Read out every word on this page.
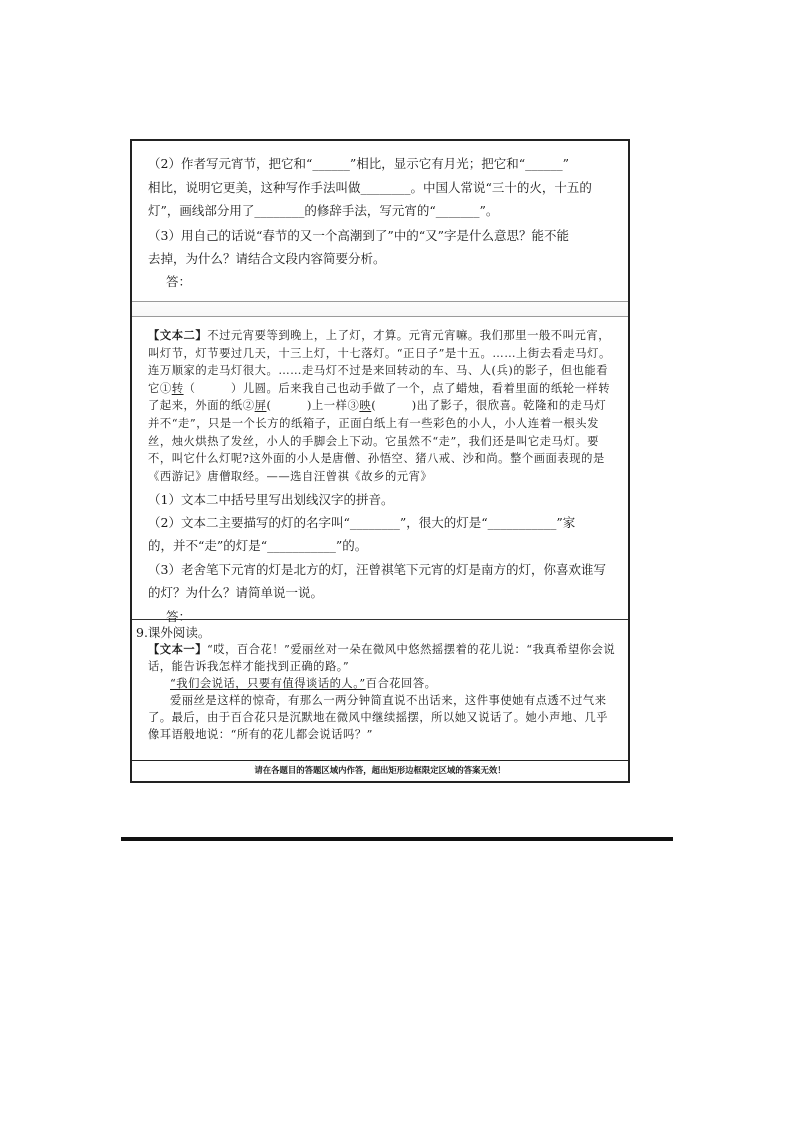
（2）作者写元宵节，把它和“______”相比，显示它有月光；把它和“______”

相比，说明它更美，这种写作手法叫做________。中国人常说“三十的火，十五的

灯”，画线部分用了________的修辞手法，写元宵的“_______”。

（3）用自己的话说“春节的又一个高潮到了”中的“又”字是什么意思？能不能

去掉，为什么？请结合文段内容简要分析。

答：

【文本二】不过元宵要等到晚上，上了灯，才算。元宵元宵嘛。我们那里一般不叫元宵，叫灯节，灯节要过几天，十三上灯，十七落灯。“正日子”是十五。……上街去看走马灯。连万顺家的走马灯很大。……走马灯不过是来回转动的车、马、人(兵)的影子，但也能看它①转（　　　）儿圆。后来我自己也动手做了一个，点了蜡烛，看着里面的纸轮一样转了起来，外面的纸②屏(　　　)上一样③映(　　　)出了影子，很欣喜。乾隆和的走马灯并不“走”，只是一个长方的纸箱子，正面白纸上有一些彩色的小人，小人连着一根头发丝，烛火烘热了发丝，小人的手脚会上下动。它虽然不“走”，我们还是叫它走马灯。要不，叫它什么灯呢?这外面的小人是唐僧、孙悟空、猪八戒、沙和尚。整个画面表现的是《西游记》唐僧取经。——选自汪曾祺《故乡的元宵》

（1）文本二中括号里写出划线汉字的拼音。

（2）文本二主要描写的灯的名字叫“________”，很大的灯是“___________”家

的，并不“走”的灯是“___________”的。

（3）老舍笔下元宵的灯是北方的灯，汪曾祺笔下元宵的灯是南方的灯，你喜欢谁写

的灯？为什么？请简单说一说。

答：

9.课外阅读。

【文本一】“哎，百合花！”爱丽丝对一朵在微风中悠然摇摆着的花儿说：“我真希望你会说话，能告诉我怎样才能找到正确的路。”
“我们会说话，只要有值得谈话的人。”百合花回答。
爱丽丝是这样的惊奇，有那么一两分钟简直说不出话来，这件事使她有点透不过气来了。最后，由于百合花只是沉默地在微风中继续摇摆，所以她又说话了。她小声地、几乎像耳语般地说：“所有的花儿都会说话吗？”

请在各题目的答题区域内作答，超出矩形边框限定区域的答案无效！
